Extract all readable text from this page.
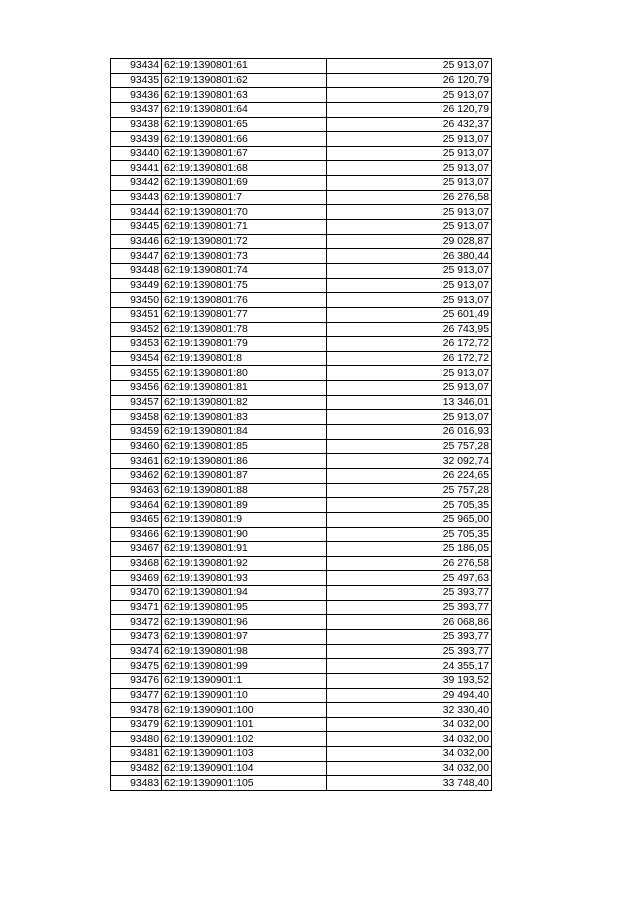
93434	62:19:1390801:61	25 913,07
93435	62:19:1390801:62	26 120,79
93436	62:19:1390801:63	25 913,07
93437	62:19:1390801:64	26 120,79
93438	62:19:1390801:65	26 432,37
93439	62:19:1390801:66	25 913,07
93440	62:19:1390801:67	25 913,07
93441	62:19:1390801:68	25 913,07
93442	62:19:1390801:69	25 913,07
93443	62:19:1390801:7	26 276,58
93444	62:19:1390801:70	25 913,07
93445	62:19:1390801:71	25 913,07
93446	62:19:1390801:72	29 028,87
93447	62:19:1390801:73	26 380,44
93448	62:19:1390801:74	25 913,07
93449	62:19:1390801:75	25 913,07
93450	62:19:1390801:76	25 913,07
93451	62:19:1390801:77	25 601,49
93452	62:19:1390801:78	26 743,95
93453	62:19:1390801:79	26 172,72
93454	62:19:1390801:8	26 172,72
93455	62:19:1390801:80	25 913,07
93456	62:19:1390801:81	25 913,07
93457	62:19:1390801:82	13 346,01
93458	62:19:1390801:83	25 913,07
93459	62:19:1390801:84	26 016,93
93460	62:19:1390801:85	25 757,28
93461	62:19:1390801:86	32 092,74
93462	62:19:1390801:87	26 224,65
93463	62:19:1390801:88	25 757,28
93464	62:19:1390801:89	25 705,35
93465	62:19:1390801:9	25 965,00
93466	62:19:1390801:90	25 705,35
93467	62:19:1390801:91	25 186,05
93468	62:19:1390801:92	26 276,58
93469	62:19:1390801:93	25 497,63
93470	62:19:1390801:94	25 393,77
93471	62:19:1390801:95	25 393,77
93472	62:19:1390801:96	26 068,86
93473	62:19:1390801:97	25 393,77
93474	62:19:1390801:98	25 393,77
93475	62:19:1390801:99	24 355,17
93476	62:19:1390901:1	39 193,52
93477	62:19:1390901:10	29 494,40
93478	62:19:1390901:100	32 330,40
93479	62:19:1390901:101	34 032,00
93480	62:19:1390901:102	34 032,00
93481	62:19:1390901:103	34 032,00
93482	62:19:1390901:104	34 032,00
93483	62:19:1390901:105	33 748,40
